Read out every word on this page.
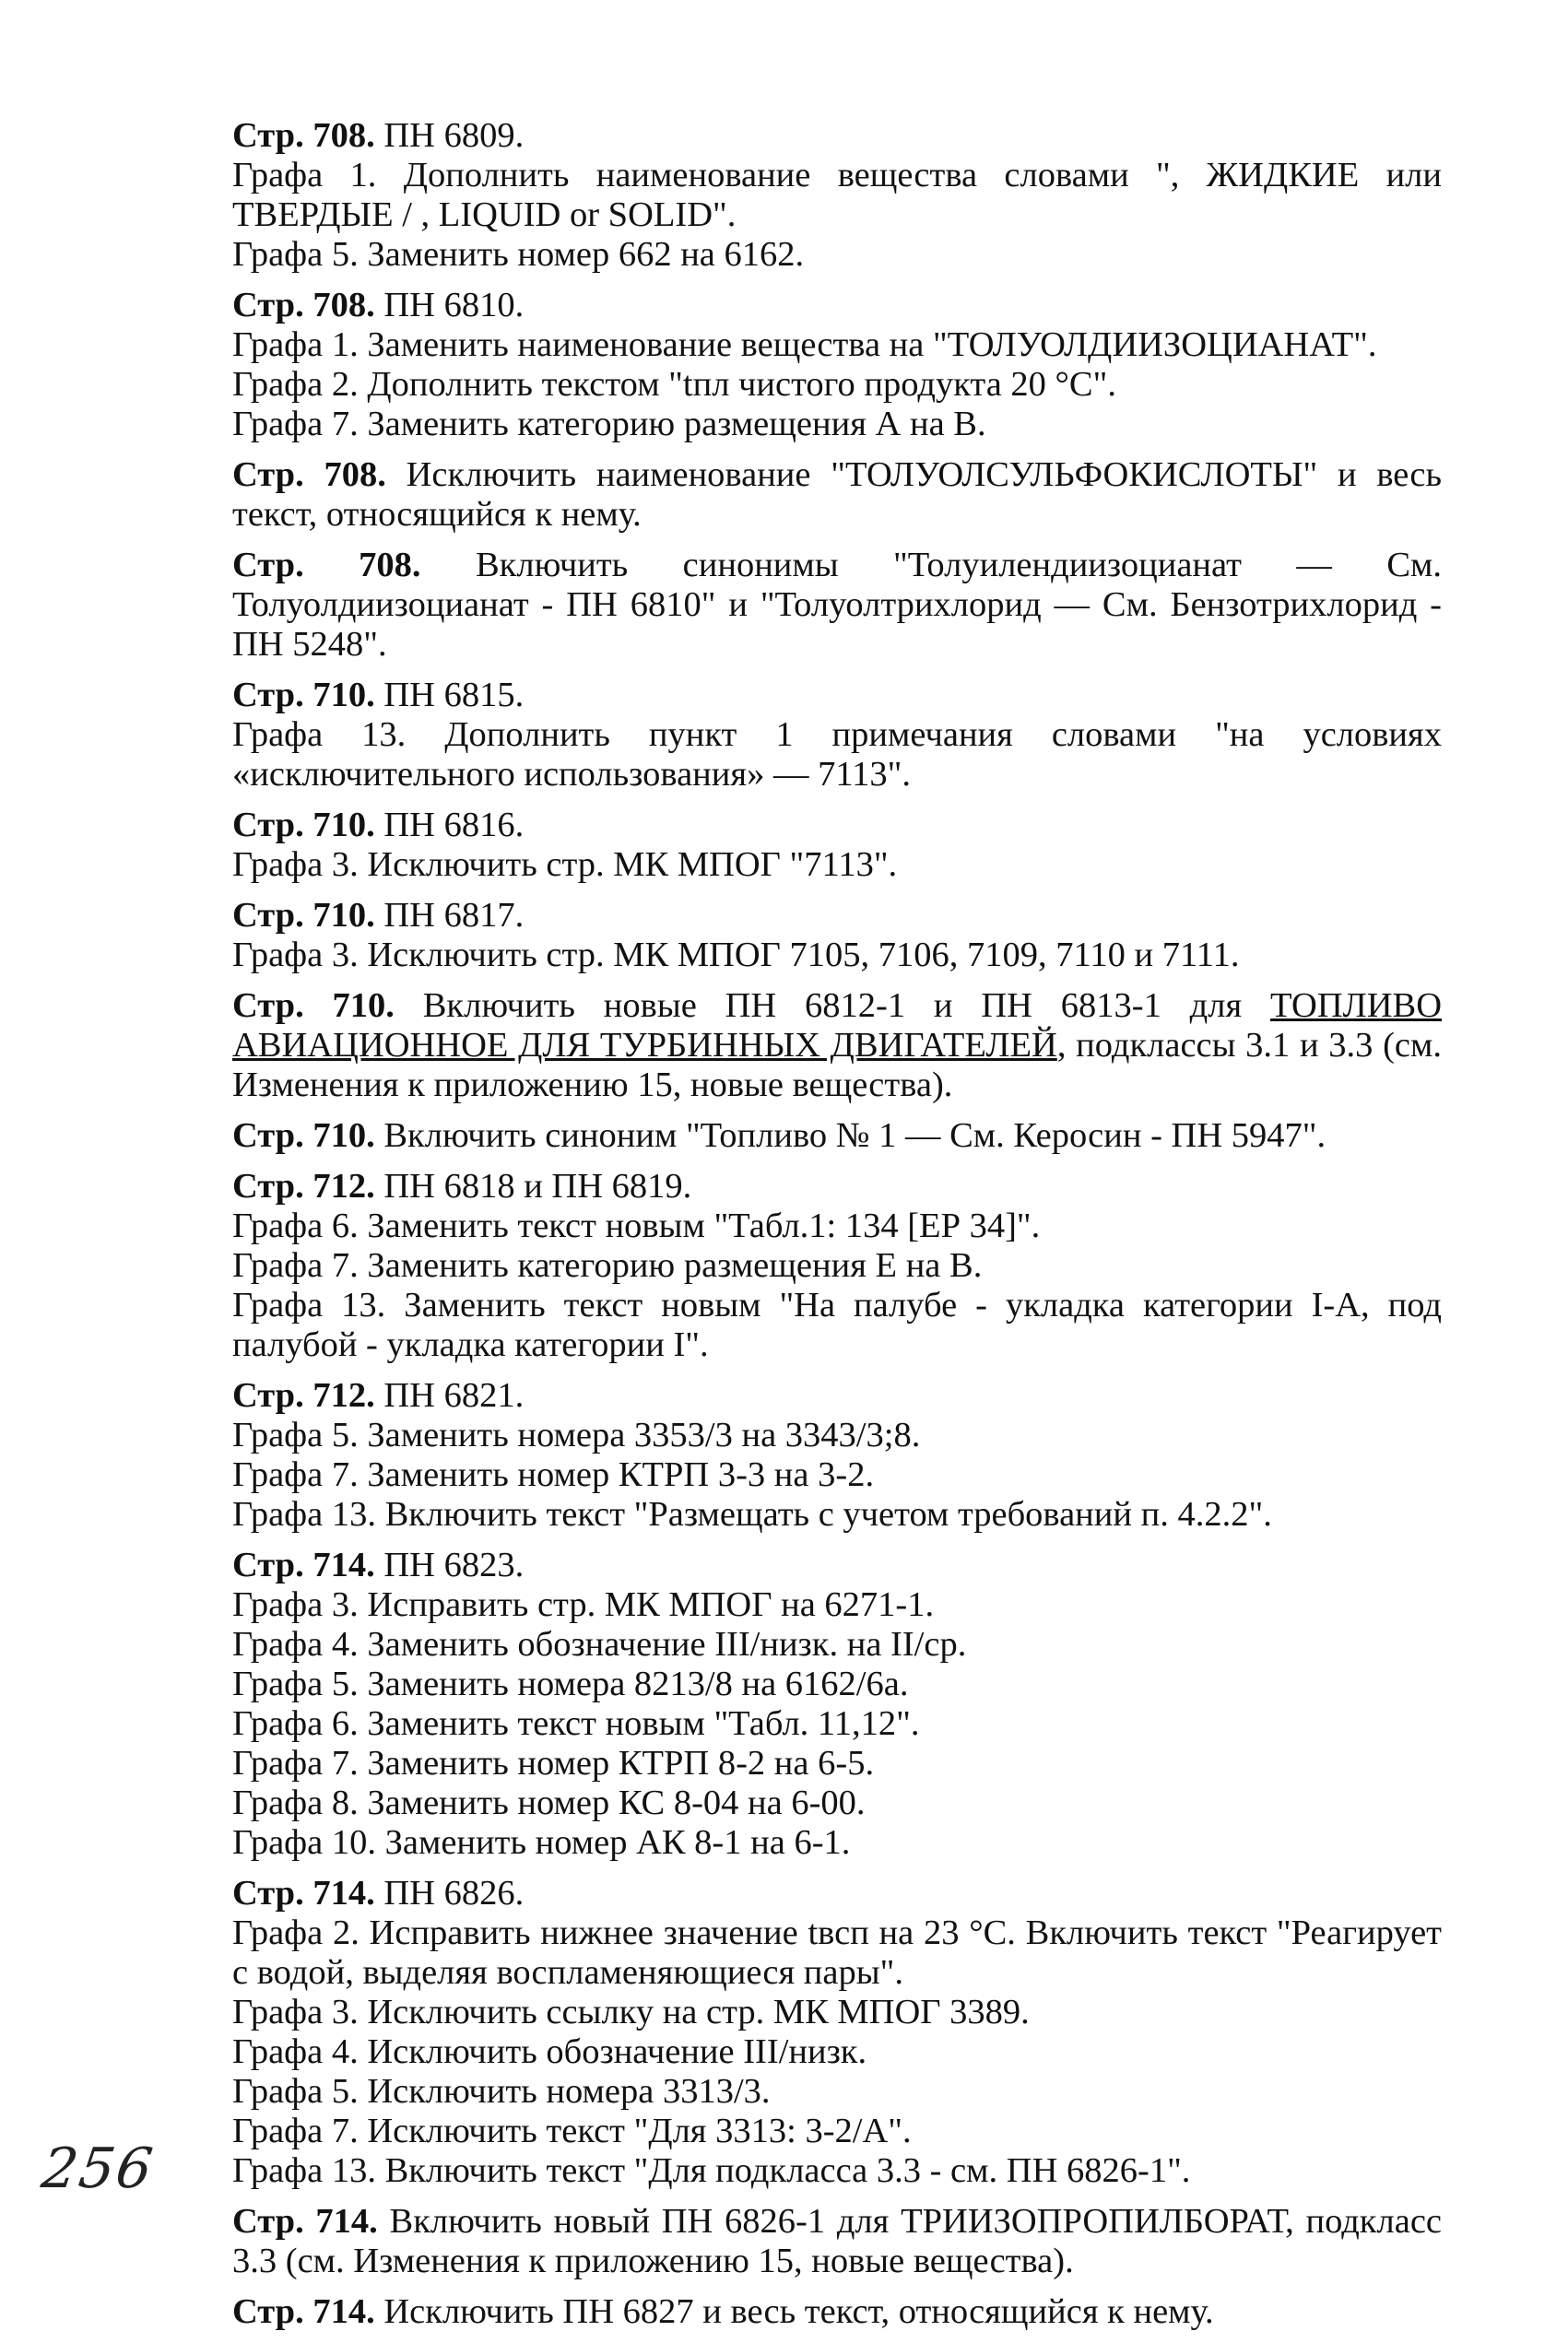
Стр. 708. ПН 6809.

Графа 1. Дополнить наименование вещества словами ", ЖИДКИЕ или ТВЕРДЫЕ / , LIQUID or SOLID".

Графа 5. Заменить номер 662 на 6162.

Стр. 708. ПН 6810.

Графа 1. Заменить наименование вещества на "ТОЛУОЛДИИЗОЦИАНАТ".

Графа 2. Дополнить текстом "tпл чистого продукта 20 °С".

Графа 7. Заменить категорию размещения А на В.

Стр. 708. Исключить наименование "ТОЛУОЛСУЛЬФОКИСЛОТЫ" и весь текст, относящийся к нему.

Стр. 708. Включить синонимы "Толуилендиизоцианат — См. Толуолдиизоцианат - ПН 6810" и "Толуолтрихлорид — См. Бензотрихлорид - ПН 5248".

Стр. 710. ПН 6815.

Графа 13. Дополнить пункт 1 примечания словами "на условиях «исключительного использования» — 7113".

Стр. 710. ПН 6816.

Графа 3. Исключить стр. МК МПОГ "7113".

Стр. 710. ПН 6817.

Графа 3. Исключить стр. МК МПОГ 7105, 7106, 7109, 7110 и 7111.

Стр. 710. Включить новые ПН 6812-1 и ПН 6813-1 для ТОПЛИВО АВИАЦИОННОЕ ДЛЯ ТУРБИННЫХ ДВИГАТЕЛЕЙ, подклассы 3.1 и 3.3 (см. Изменения к приложению 15, новые вещества).

Стр. 710. Включить синоним "Топливо № 1 — См. Керосин - ПН 5947".

Стр. 712. ПН 6818 и ПН 6819.

Графа 6. Заменить текст новым "Табл.1: 134 [ЕР 34]".

Графа 7. Заменить категорию размещения Е на В.

Графа 13. Заменить текст новым "На палубе - укладка категории I-A, под палубой - укладка категории I".

Стр. 712. ПН 6821.

Графа 5. Заменить номера 3353/3 на 3343/3;8.

Графа 7. Заменить номер КТРП 3-3 на 3-2.

Графа 13. Включить текст "Размещать с учетом требований п. 4.2.2".

Стр. 714. ПН 6823.

Графа 3. Исправить стр. МК МПОГ на 6271-1.

Графа 4. Заменить обозначение III/низк. на II/ср.

Графа 5. Заменить номера 8213/8 на 6162/6а.

Графа 6. Заменить текст новым "Табл. 11,12".

Графа 7. Заменить номер КТРП 8-2 на 6-5.

Графа 8. Заменить номер КС 8-04 на 6-00.

Графа 10. Заменить номер АК 8-1 на 6-1.

Стр. 714. ПН 6826.

Графа 2. Исправить нижнее значение tвсп на 23 °С. Включить текст "Реагирует с водой, выделяя воспламеняющиеся пары".

Графа 3. Исключить ссылку на стр. МК МПОГ 3389.

Графа 4. Исключить обозначение III/низк.

Графа 5. Исключить номера 3313/3.

Графа 7. Исключить текст "Для 3313: 3-2/А".

Графа 13. Включить текст "Для подкласса 3.3 - см. ПН 6826-1".

Стр. 714. Включить новый ПН 6826-1 для ТРИИЗОПРОПИЛБОРАТ, подкласс 3.3 (см. Изменения к приложению 15, новые вещества).

Стр. 714. Исключить ПН 6827 и весь текст, относящийся к нему.

256
